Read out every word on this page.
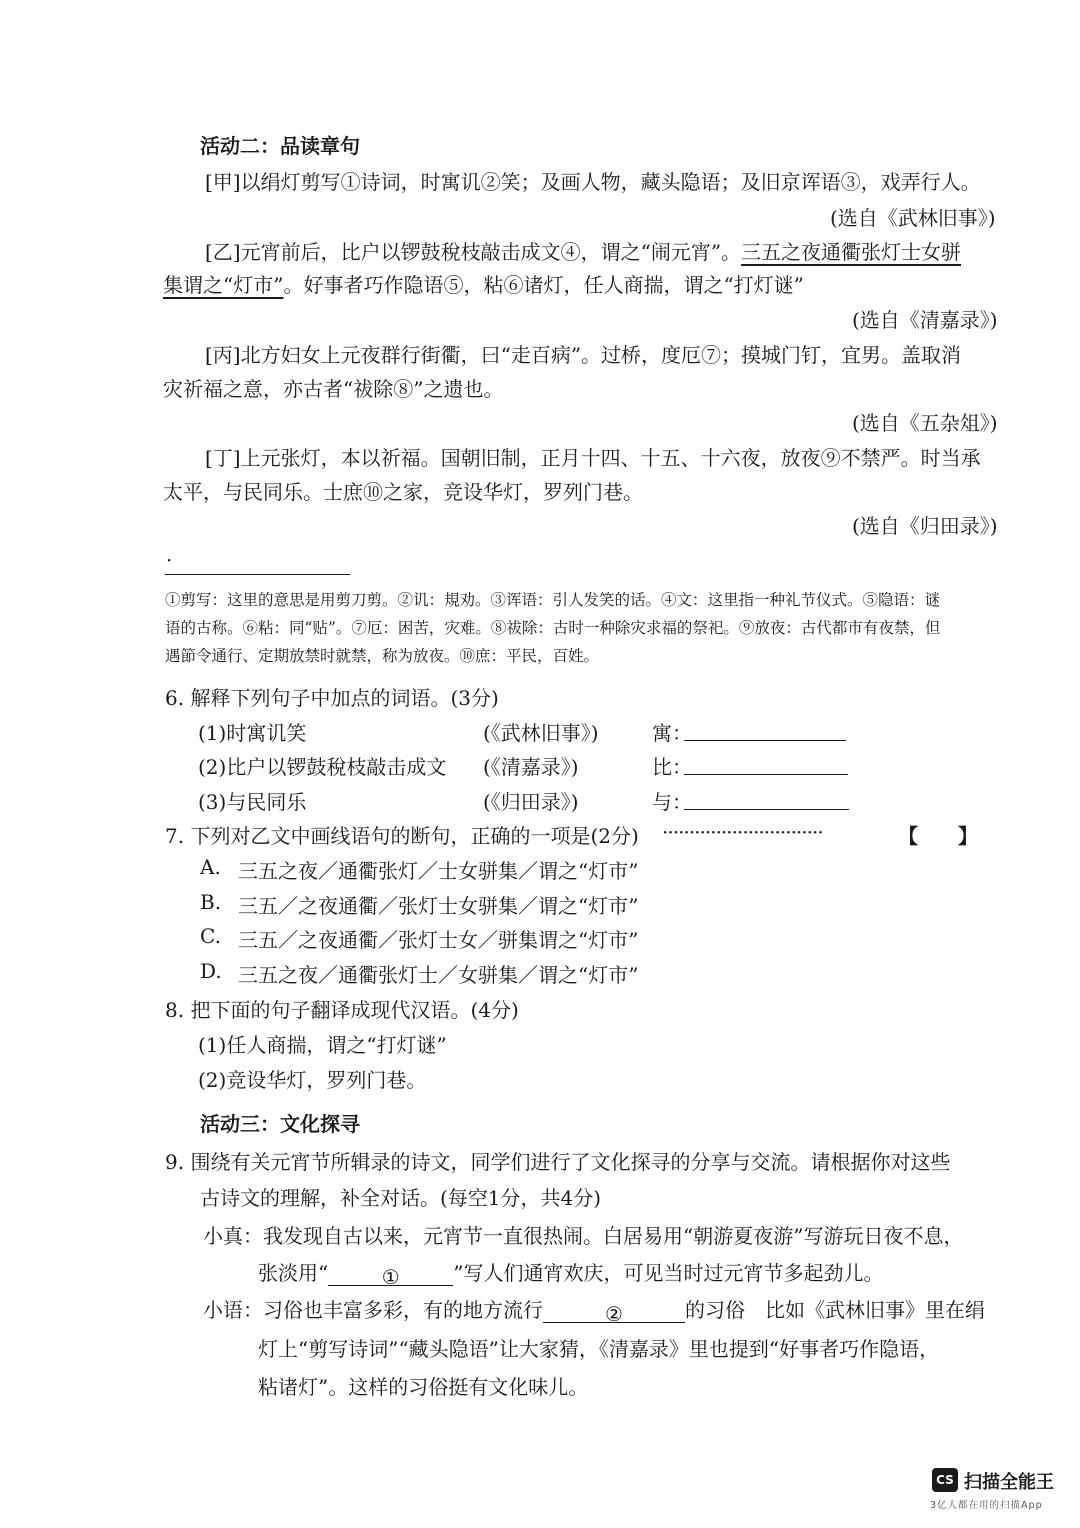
活动二：品读章句
[甲]以绢灯剪写①诗词，时寓讥②笑；及画人物，藏头隐语；及旧京诨语③，戏弄行人。
(选自《武林旧事》)
[乙]元宵前后，比户以锣鼓稅枝敲击成文④，谓之“闹元宵”。三五之夜通衢张灯士女骈
集谓之“灯市”。好事者巧作隐语⑤，粘⑥诸灯，任人商揣，谓之“打灯谜”
(选自《清嘉录》)
[丙]北方妇女上元夜群行街衢，曰“走百病”。过桥，度厄⑦；摸城门钉，宜男。盖取消
灾祈福之意，亦古者“祓除⑧”之遗也。
(选自《五杂俎》)
[丁]上元张灯，本以祈福。国朝旧制，正月十四、十五、十六夜，放夜⑨不禁严。时当承
太平，与民同乐。士庶⑩之家，竞设华灯，罗列门巷。
(选自《归田录》)
·
①剪写：这里的意思是用剪刀剪。②讥：規劝。③诨语：引人发笑的话。④文：这里指一种礼节仪式。⑤隐语：谜
语的古称。⑥粘：同“贴”。⑦厄：困苦，灾难。⑧祓除：古时一种除灾求福的祭祀。⑨放夜：古代都市有夜禁，但
遇節令通行、定期放禁时就禁，称为放夜。⑩庶：平民，百姓。
6. 解释下列句子中加点的词语。(3分)
(1)时寓讥笑	(《武林旧事》)	寓：
(2)比户以锣鼓稅枝敲击成文 (《清嘉录》)	比：
(3)与民同乐	(《归田录》)	与：
7. 下列对乙文中画线语句的断句，正确的一项是(2分) ······························	【　　】
A. 三五之夜／通衢张灯／士女骈集／谓之“灯市”
B. 三五／之夜通衢／张灯士女骈集／谓之“灯市”
C. 三五／之夜通衢／张灯士女／骈集谓之“灯市”
D. 三五之夜／通衢张灯士／女骈集／谓之“灯市”
8. 把下面的句子翻译成现代汉语。(4分)
(1)任人商揣，谓之“打灯谜”
(2)竞设华灯，罗列门巷。
活动三：文化探寻
9. 围绕有关元宵节所辑录的诗文，同学们进行了文化探寻的分享与交流。请根据你对这些
古诗文的理解，补全对话。(每空1分，共4分)
小真：我发现自古以来，元宵节一直很热闹。白居易用“朝游夏夜游”写游玩日夜不息，
张淡用“	①	”写人们通宵欢庆，可见当时过元宵节多起劲儿。
小语：习俗也丰富多彩，有的地方流行	②	的习俗　比如《武林旧事》里在绢
灯上“剪写诗词”“藏头隐语”让大家猜，《清嘉录》里也提到“好事者巧作隐语，
粘诸灯”。这样的习俗挺有文化味儿。
CS 扫描全能王
3亿人都在用的扫描App
